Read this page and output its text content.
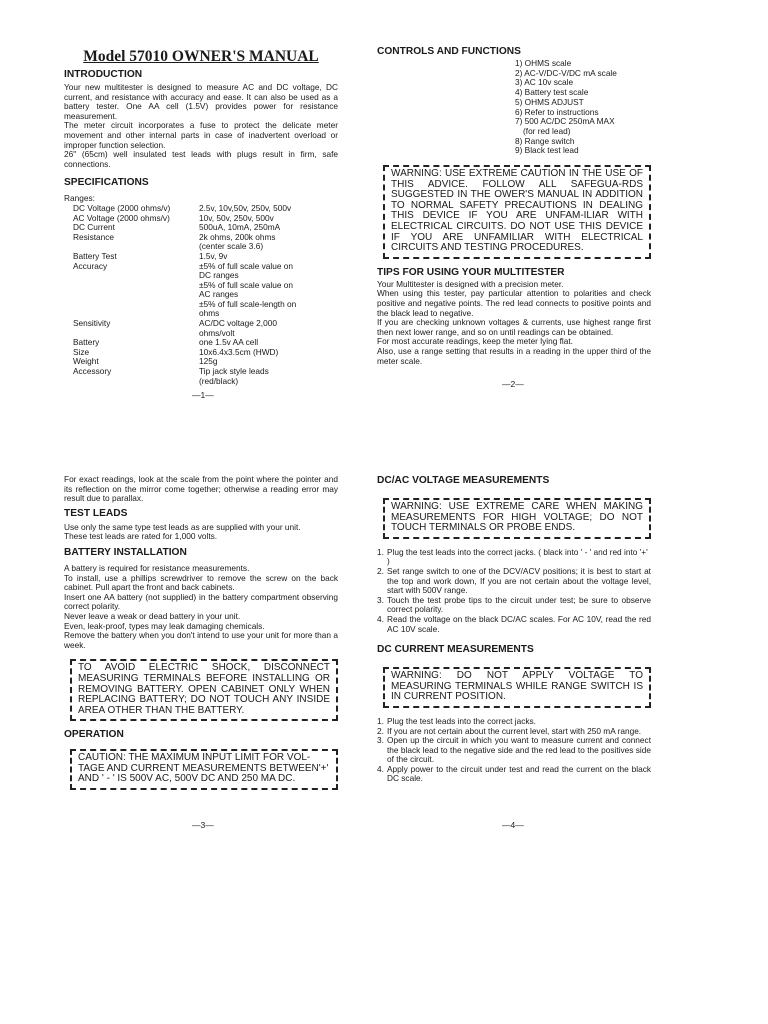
Model 57010 OWNER'S MANUAL
INTRODUCTION

Your new multitester is designed to measure AC and DC voltage, DC current, and resistance with accuracy and ease. It can also be used as a battery tester. One AA cell (1.5V) provides power for resistance measurement.

The meter circuit incorporates a fuse to protect the delicate meter movement and other internal parts in case of inadvertent overload or improper function selection.

26" (65cm) well insulated test leads with plugs result in firm, safe connections.

SPECIFICATIONS
Ranges:
DC Voltage (2000 ohms/v)	2.5v, 10v,50v, 250v, 500v
AC Voltage (2000 ohms/v)	10v, 50v, 250v, 500v
DC Current	500uA, 10mA, 250mA
Resistance	2k ohms, 200k ohms
(center scale 3.6)
Battery Test	1.5v, 9v
Accuracy	±5% of full scale value on
DC ranges
±5% of full scale value on
AC ranges
±5% of full scale-length on
ohms
Sensitivity	AC/DC voltage 2,000
ohms/volt
Battery	one 1.5v AA cell
Size	10x6.4x3.5cm (HWD)
Weight	125g
Accessory	Tip jack style leads
(red/black)
—1—
CONTROLS AND FUNCTIONS
1) OHMS scale
2) AC-V/DC-V/DC mA scale
3) AC 10v scale
4) Battery test scale
5) OHMS ADJUST
6) Refer to instructions
7) 500 AC/DC 250mA MAX
(for red lead)
8) Range switch
9) Black test lead
WARNING: USE EXTREME CAUTION IN THE USE OF THIS ADVICE. FOLLOW ALL SAFEGUA-RDS SUGGESTED IN THE OWER'S MANUAL IN ADDITION TO NORMAL SAFETY PRECAUTIONS IN DEALING THIS DEVICE IF YOU ARE UNFAM-ILIAR WITH ELECTRICAL CIRCUITS. DO NOT USE THIS DEVICE IF YOU ARE UNFAMILIAR WITH ELECTRICAL CIRCUITS AND TESTING PROCEDURES.
TIPS FOR USING YOUR MULTITESTER

Your Multitester is designed with a precision meter.

When using this tester, pay particular attention to polarities and check positive and negative points. The red lead connects to positive points and the black lead to negative.

If you are checking unknown voltages & currents, use highest range first then next lower range, and so on until readings can be obtained.

For most accurate readings, keep the meter lying flat.

Also, use a range setting that results in a reading in the upper third of the meter scale.

—2—

For exact readings, look at the scale from the point where the pointer and its reflection on the mirror come together; otherwise a reading error may result due to parallax.

TEST LEADS

Use only the same type test leads as are supplied with your unit.

These test leads are rated for 1,000 volts.

BATTERY INSTALLATION

A battery is required for resistance measurements.

To install, use a phillips screwdriver to remove the screw on the back cabinet. Pull apart the front and back cabinets.

Insert one AA battery (not supplied) in the battery compartment observing correct polarity.

Never leave a weak or dead battery in your unit.

Even, leak-proof, types may leak damaging chemicals.

Remove the battery when you don't intend to use your unit for more than a week.

TO AVOID ELECTRIC SHOCK, DISCONNECT MEASURING TERMINALS BEFORE INSTALLING OR REMOVING BATTERY. OPEN CABINET ONLY WHEN REPLACING BATTERY; DO NOT TOUCH ANY INSIDE AREA OTHER THAN THE BATTERY.
OPERATION
CAUTION: THE MAXIMUM INPUT LIMIT FOR VOL-TAGE AND CURRENT MEASUREMENTS BETWEEN'+' AND ' - ' IS 500V AC, 500V DC AND 250 MA DC.
—3—
DC/AC VOLTAGE MEASUREMENTS
WARNING: USE EXTREME CARE WHEN MAKING MEASUREMENTS FOR HIGH VOLTAGE; DO NOT TOUCH TERMINALS OR PROBE ENDS.
1. Plug the test leads into the correct jacks. ( black into ' - ' and red into '+' )
2. Set range switch to one of the DCV/ACV positions; it is best to start at the top and work down, If you are not certain about the voltage level, start with 500V range.
3. Touch the test probe tips to the circuit under test; be sure to observe correct polarity.
4. Read the voltage on the black DC/AC scales. For AC 10V, read the red AC 10V scale.
DC CURRENT MEASUREMENTS
WARNING: DO NOT APPLY VOLTAGE TO MEASURING TERMINALS WHILE RANGE SWITCH IS IN CURRENT POSITION.
1. Plug the test leads into the correct jacks.
2. If you are not certain about the current level, start with 250 mA range.
3. Open up the circuit in which you want to measure current and connect the black lead to the negative side and the red lead to the positives side of the circuit.
4. Apply power to the circuit under test and read the current on the black DC scale.
—4—
